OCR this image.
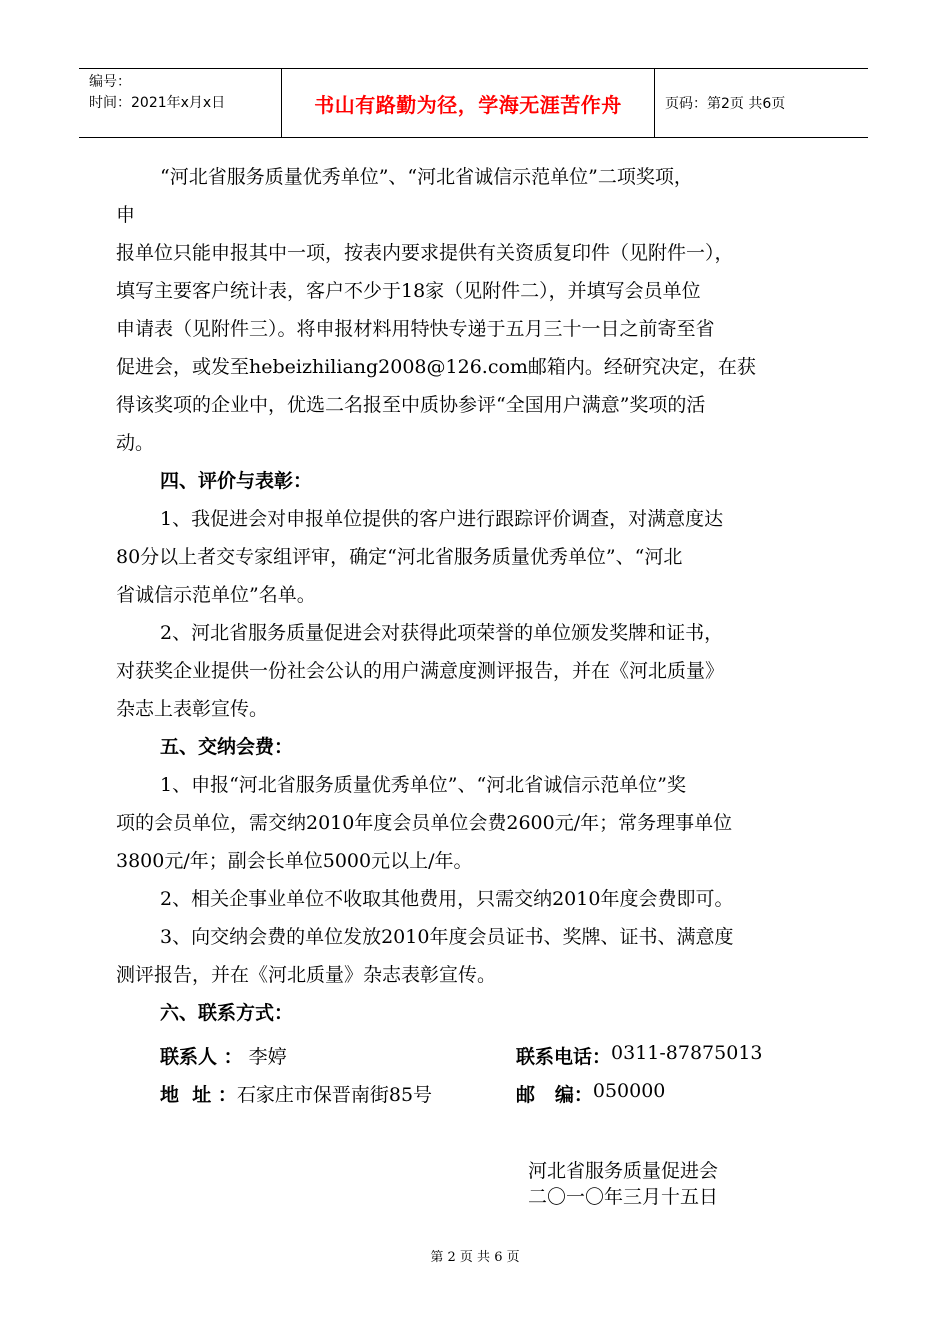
编号：
时间：2021年x月x日	书山有路勤为径，学海无涯苦作舟	页码：第2页 共6页

“河北省服务质量优秀单位”、“河北省诚信示范单位”二项奖项，

申

报单位只能申报其中一项，按表内要求提供有关资质复印件（见附件一），

填写主要客户统计表，客户不少于18家（见附件二），并填写会员单位

申请表（见附件三）。将申报材料用特快专递于五月三十一日之前寄至省

促进会，或发至hebeizhiliang2008@126.com邮箱内。经研究决定，在获

得该奖项的企业中，优选二名报至中质协参评“全国用户满意”奖项的活

动。

四、评价与表彰：

1、我促进会对申报单位提供的客户进行跟踪评价调查，对满意度达

80分以上者交专家组评审，确定“河北省服务质量优秀单位”、“河北

省诚信示范单位”名单。

2、河北省服务质量促进会对获得此项荣誉的单位颁发奖牌和证书，

对获奖企业提供一份社会公认的用户满意度测评报告，并在《河北质量》

杂志上表彰宣传。

五、交纳会费：

1、申报“河北省服务质量优秀单位”、“河北省诚信示范单位”奖

项的会员单位，需交纳2010年度会员单位会费2600元/年；常务理事单位

3800元/年；副会长单位5000元以上/年。

2、相关企事业单位不收取其他费用，只需交纳2010年度会费即可。

3、向交纳会费的单位发放2010年度会员证书、奖牌、证书、满意度

测评报告，并在《河北质量》杂志表彰宣传。

六、联系方式：

联系人 ： 李婷	联系电话： 0311-87875013
地  址 ： 石家庄市保晋南街85号	邮   编： 050000
河北省服务质量促进会
二〇一〇年三月十五日
第 2 页 共 6 页
